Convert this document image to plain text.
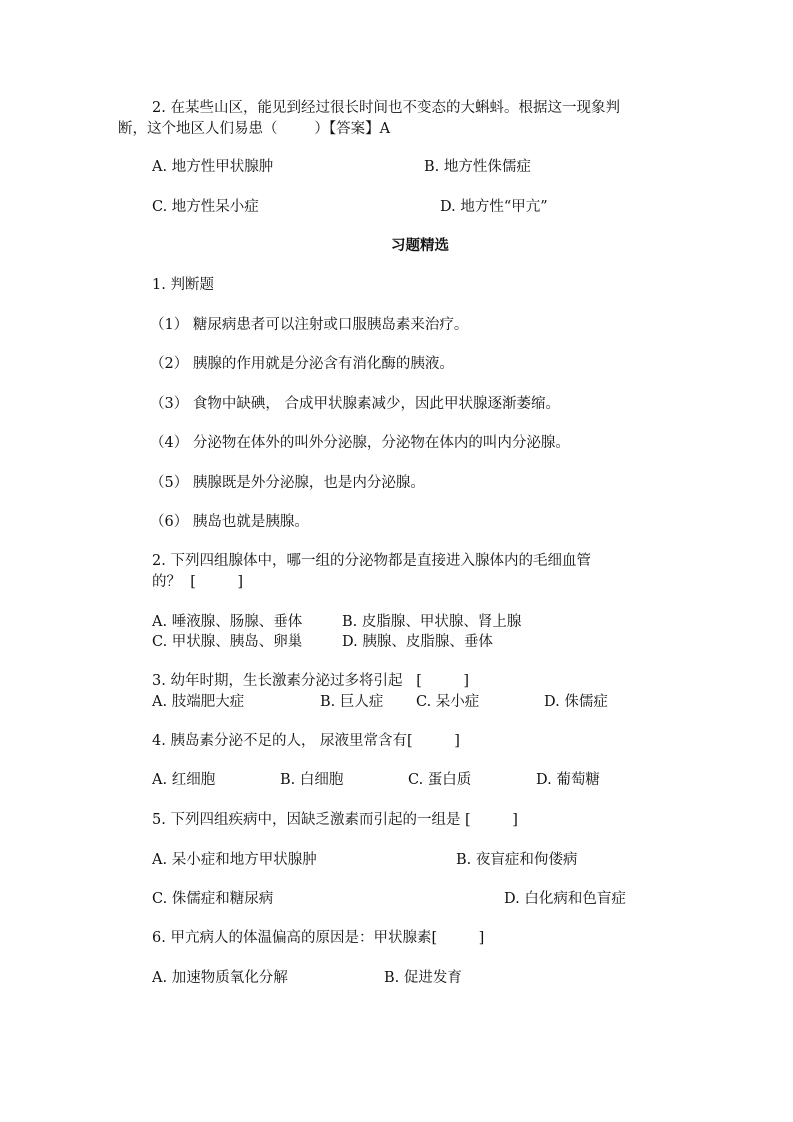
2. 在某些山区，能见到经过很长时间也不变态的大蝌蚪。根据这一现象判
断，这个地区人们易患（        ）【答案】A
A. 地方性甲状腺肿	B. 地方性侏儒症
C. 地方性呆小症	D. 地方性“甲亢”
习题精选
1. 判断题
（1） 糖尿病患者可以注射或口服胰岛素来治疗。
（2） 胰腺的作用就是分泌含有消化酶的胰液。
（3） 食物中缺碘， 合成甲状腺素减少，因此甲状腺逐渐萎缩。
（4） 分泌物在体外的叫外分泌腺，分泌物在体内的叫内分泌腺。
（5） 胰腺既是外分泌腺，也是内分泌腺。
（6） 胰岛也就是胰腺。
2. 下列四组腺体中，哪一组的分泌物都是直接进入腺体内的毛细血管
的？  [         ]
A. 唾液腺、肠腺、垂体	B. 皮脂腺、甲状腺、肾上腺
C. 甲状腺、胰岛、卵巢	D. 胰腺、皮脂腺、垂体
3. 幼年时期，生长激素分泌过多将引起   [         ]
A. 肢端肥大症	B. 巨人症 C. 呆小症	D. 侏儒症
4. 胰岛素分泌不足的人， 尿液里常含有[         ]
A. 红细胞	B. 白细胞	C. 蛋白质	D. 葡萄糖
5. 下列四组疾病中，因缺乏激素而引起的一组是 [         ]
A. 呆小症和地方甲状腺肿	B. 夜盲症和佝偻病
C. 侏儒症和糖尿病	D. 白化病和色盲症
6. 甲亢病人的体温偏高的原因是：甲状腺素[         ]
A. 加速物质氧化分解	B. 促进发育
